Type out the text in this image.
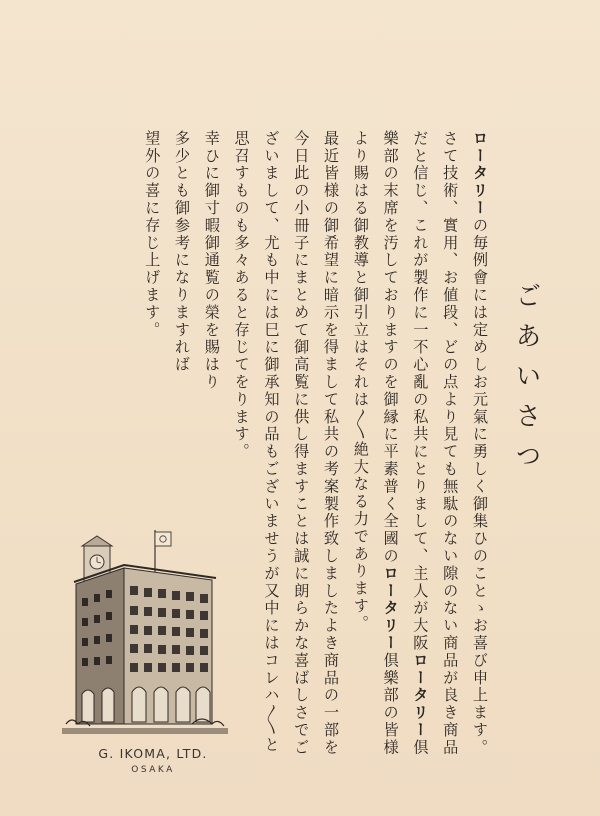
ごあいさつ
ロータリーの毎例會には定めしお元氣に勇しく御集ひのことゝお喜び申上ます。
さて技術、實用、お値段、どの点より見ても無駄のない隙のない商品が良き商品
だと信じ、これが製作に一不心亂の私共にとりまして、主人が大阪ロータリー倶
樂部の末席を汚しておりますのを御縁に平素普く全國のロータリー倶樂部の皆様
より賜はる御教導と御引立はそれは〱絶大なる力であります。
最近皆様の御希望に暗示を得まして私共の考案製作致しましたよき商品の一部を
今日此の小冊子にまとめて御高覧に供し得ますことは誠に朗らかな喜ばしさでご
ざいまして、尤も中には巳に御承知の品もございませうが又中にはコレハ〱と
思召すものも多々あると存じてをります。
幸ひに御寸暇御通覧の榮を賜はり
多少とも御参考になりますれば
望外の喜に存じ上げます。
G. IKOMA, LTD.
OSAKA
